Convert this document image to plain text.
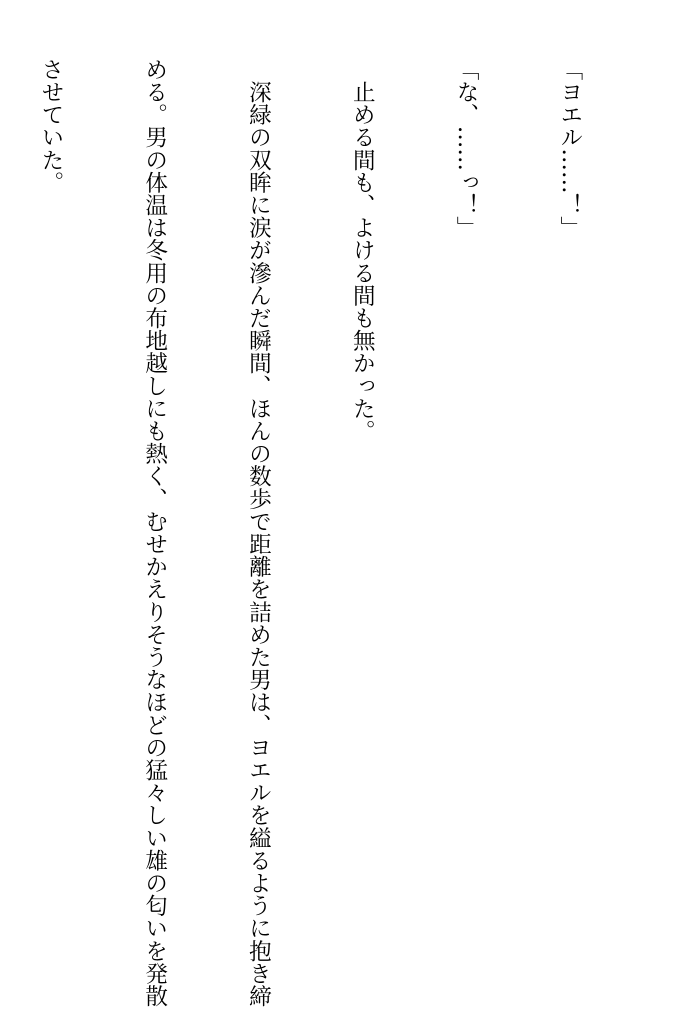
「ヨエル……！」

「な、……っ！」

　止める間も、よける間も無かった。

　深緑の双眸に涙が滲んだ瞬間、ほんの数歩で距離を詰めた男は、ヨエルを縊るように抱き締

める。男の体温は冬用の布地越しにも熱く、むせかえりそうなほどの猛々しい雄の匂いを発散

させていた。
